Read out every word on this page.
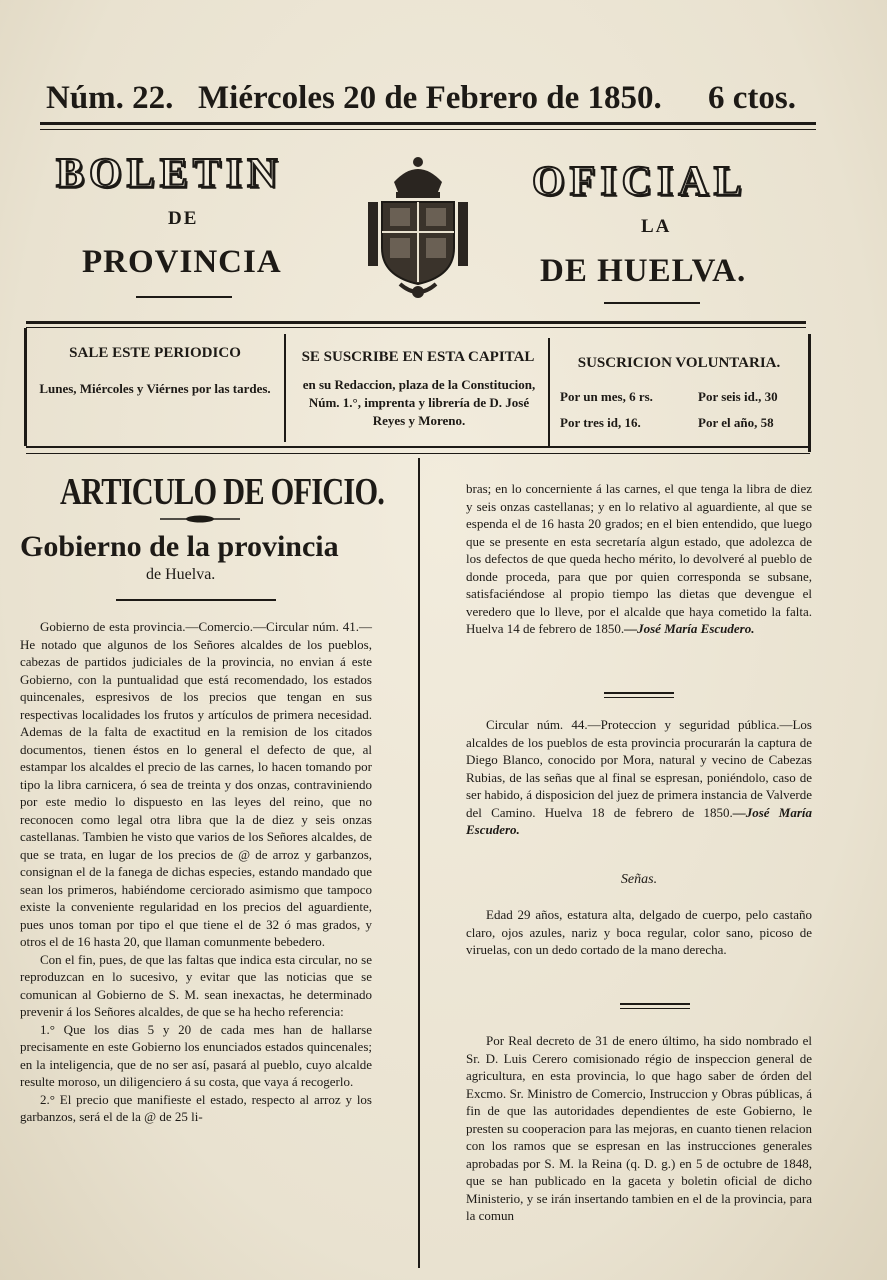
Núm. 22. Miércoles 20 de Febrero de 1850. 6 ctos.
BOLETIN	OFICIAL
DE	LA
PROVINCIA	DE HUELVA.
SALE ESTE PERIODICO
Lunes, Miércoles y Viérnes por las tardes.
SE SUSCRIBE EN ESTA CAPITAL
en su Redaccion, plaza de la Constitucion, Núm. 1.°, imprenta y librería de D. José Reyes y Moreno.
SUSCRICION VOLUNTARIA.
Por un mes, 6 rs.	Por seis id., 30
Por tres id, 16.	Por el año, 58
ARTICULO DE OFICIO.
Gobierno de la provincia
de Huelva.

Gobierno de esta provincia.—Comercio.—Circular núm. 41.—He notado que algunos de los Señores alcaldes de los pueblos, cabezas de partidos judiciales de la provincia, no envian á este Gobierno, con la puntualidad que está recomendado, los estados quincenales, espresivos de los precios que tengan en sus respectivas localidades los frutos y artículos de primera necesidad. Ademas de la falta de exactitud en la remision de los citados documentos, tienen éstos en lo general el defecto de que, al estampar los alcaldes el precio de las carnes, lo hacen tomando por tipo la libra carnicera, ó sea de treinta y dos onzas, contraviniendo por este medio lo dispuesto en las leyes del reino, que no reconocen como legal otra libra que la de diez y seis onzas castellanas. Tambien he visto que varios de los Señores alcaldes, de que se trata, en lugar de los precios de @ de arroz y garbanzos, consignan el de la fanega de dichas especies, estando mandado que sean los primeros, habiéndome cerciorado asimismo que tampoco existe la conveniente regularidad en los precios del aguardiente, pues unos toman por tipo el que tiene el de 32 ó mas grados, y otros el de 16 hasta 20, que llaman comunmente bebedero.

Con el fin, pues, de que las faltas que indica esta circular, no se reproduzcan en lo sucesivo, y evitar que las noticias que se comunican al Gobierno de S. M. sean inexactas, he determinado prevenir á los Señores alcaldes, de que se ha hecho referencia:

1.° Que los dias 5 y 20 de cada mes han de hallarse precisamente en este Gobierno los enunciados estados quincenales; en la inteligencia, que de no ser así, pasará al pueblo, cuyo alcalde resulte moroso, un diligenciero á su costa, que vaya á recogerlo.

2.° El precio que manifieste el estado, respecto al arroz y los garbanzos, será el de la @ de 25 li-

bras; en lo concerniente á las carnes, el que tenga la libra de diez y seis onzas castellanas; y en lo relativo al aguardiente, al que se espenda el de 16 hasta 20 grados; en el bien entendido, que luego que se presente en esta secretaría algun estado, que adolezca de los defectos de que queda hecho mérito, lo devolveré al pueblo de donde proceda, para que por quien corresponda se subsane, satisfaciéndose al propio tiempo las dietas que devengue el veredero que lo lleve, por el alcalde que haya cometido la falta. Huelva 14 de febrero de 1850.—José María Escudero.

Circular núm. 44.—Proteccion y seguridad pública.—Los alcaldes de los pueblos de esta provincia procurarán la captura de Diego Blanco, conocido por Mora, natural y vecino de Cabezas Rubias, de las señas que al final se espresan, poniéndolo, caso de ser habido, á disposicion del juez de primera instancia de Valverde del Camino. Huelva 18 de febrero de 1850.—José María Escudero.

Señas.

Edad 29 años, estatura alta, delgado de cuerpo, pelo castaño claro, ojos azules, nariz y boca regular, color sano, picoso de viruelas, con un dedo cortado de la mano derecha.

Por Real decreto de 31 de enero último, ha sido nombrado el Sr. D. Luis Cerero comisionado régio de inspeccion general de agricultura, en esta provincia, lo que hago saber de órden del Excmo. Sr. Ministro de Comercio, Instruccion y Obras públicas, á fin de que las autoridades dependientes de este Gobierno, le presten su cooperacion para las mejoras, en cuanto tienen relacion con los ramos que se espresan en las instrucciones generales aprobadas por S. M. la Reina (q. D. g.) en 5 de octubre de 1848, que se han publicado en la gaceta y boletin oficial de dicho Ministerio, y se irán insertando tambien en el de la provincia, para la comun
